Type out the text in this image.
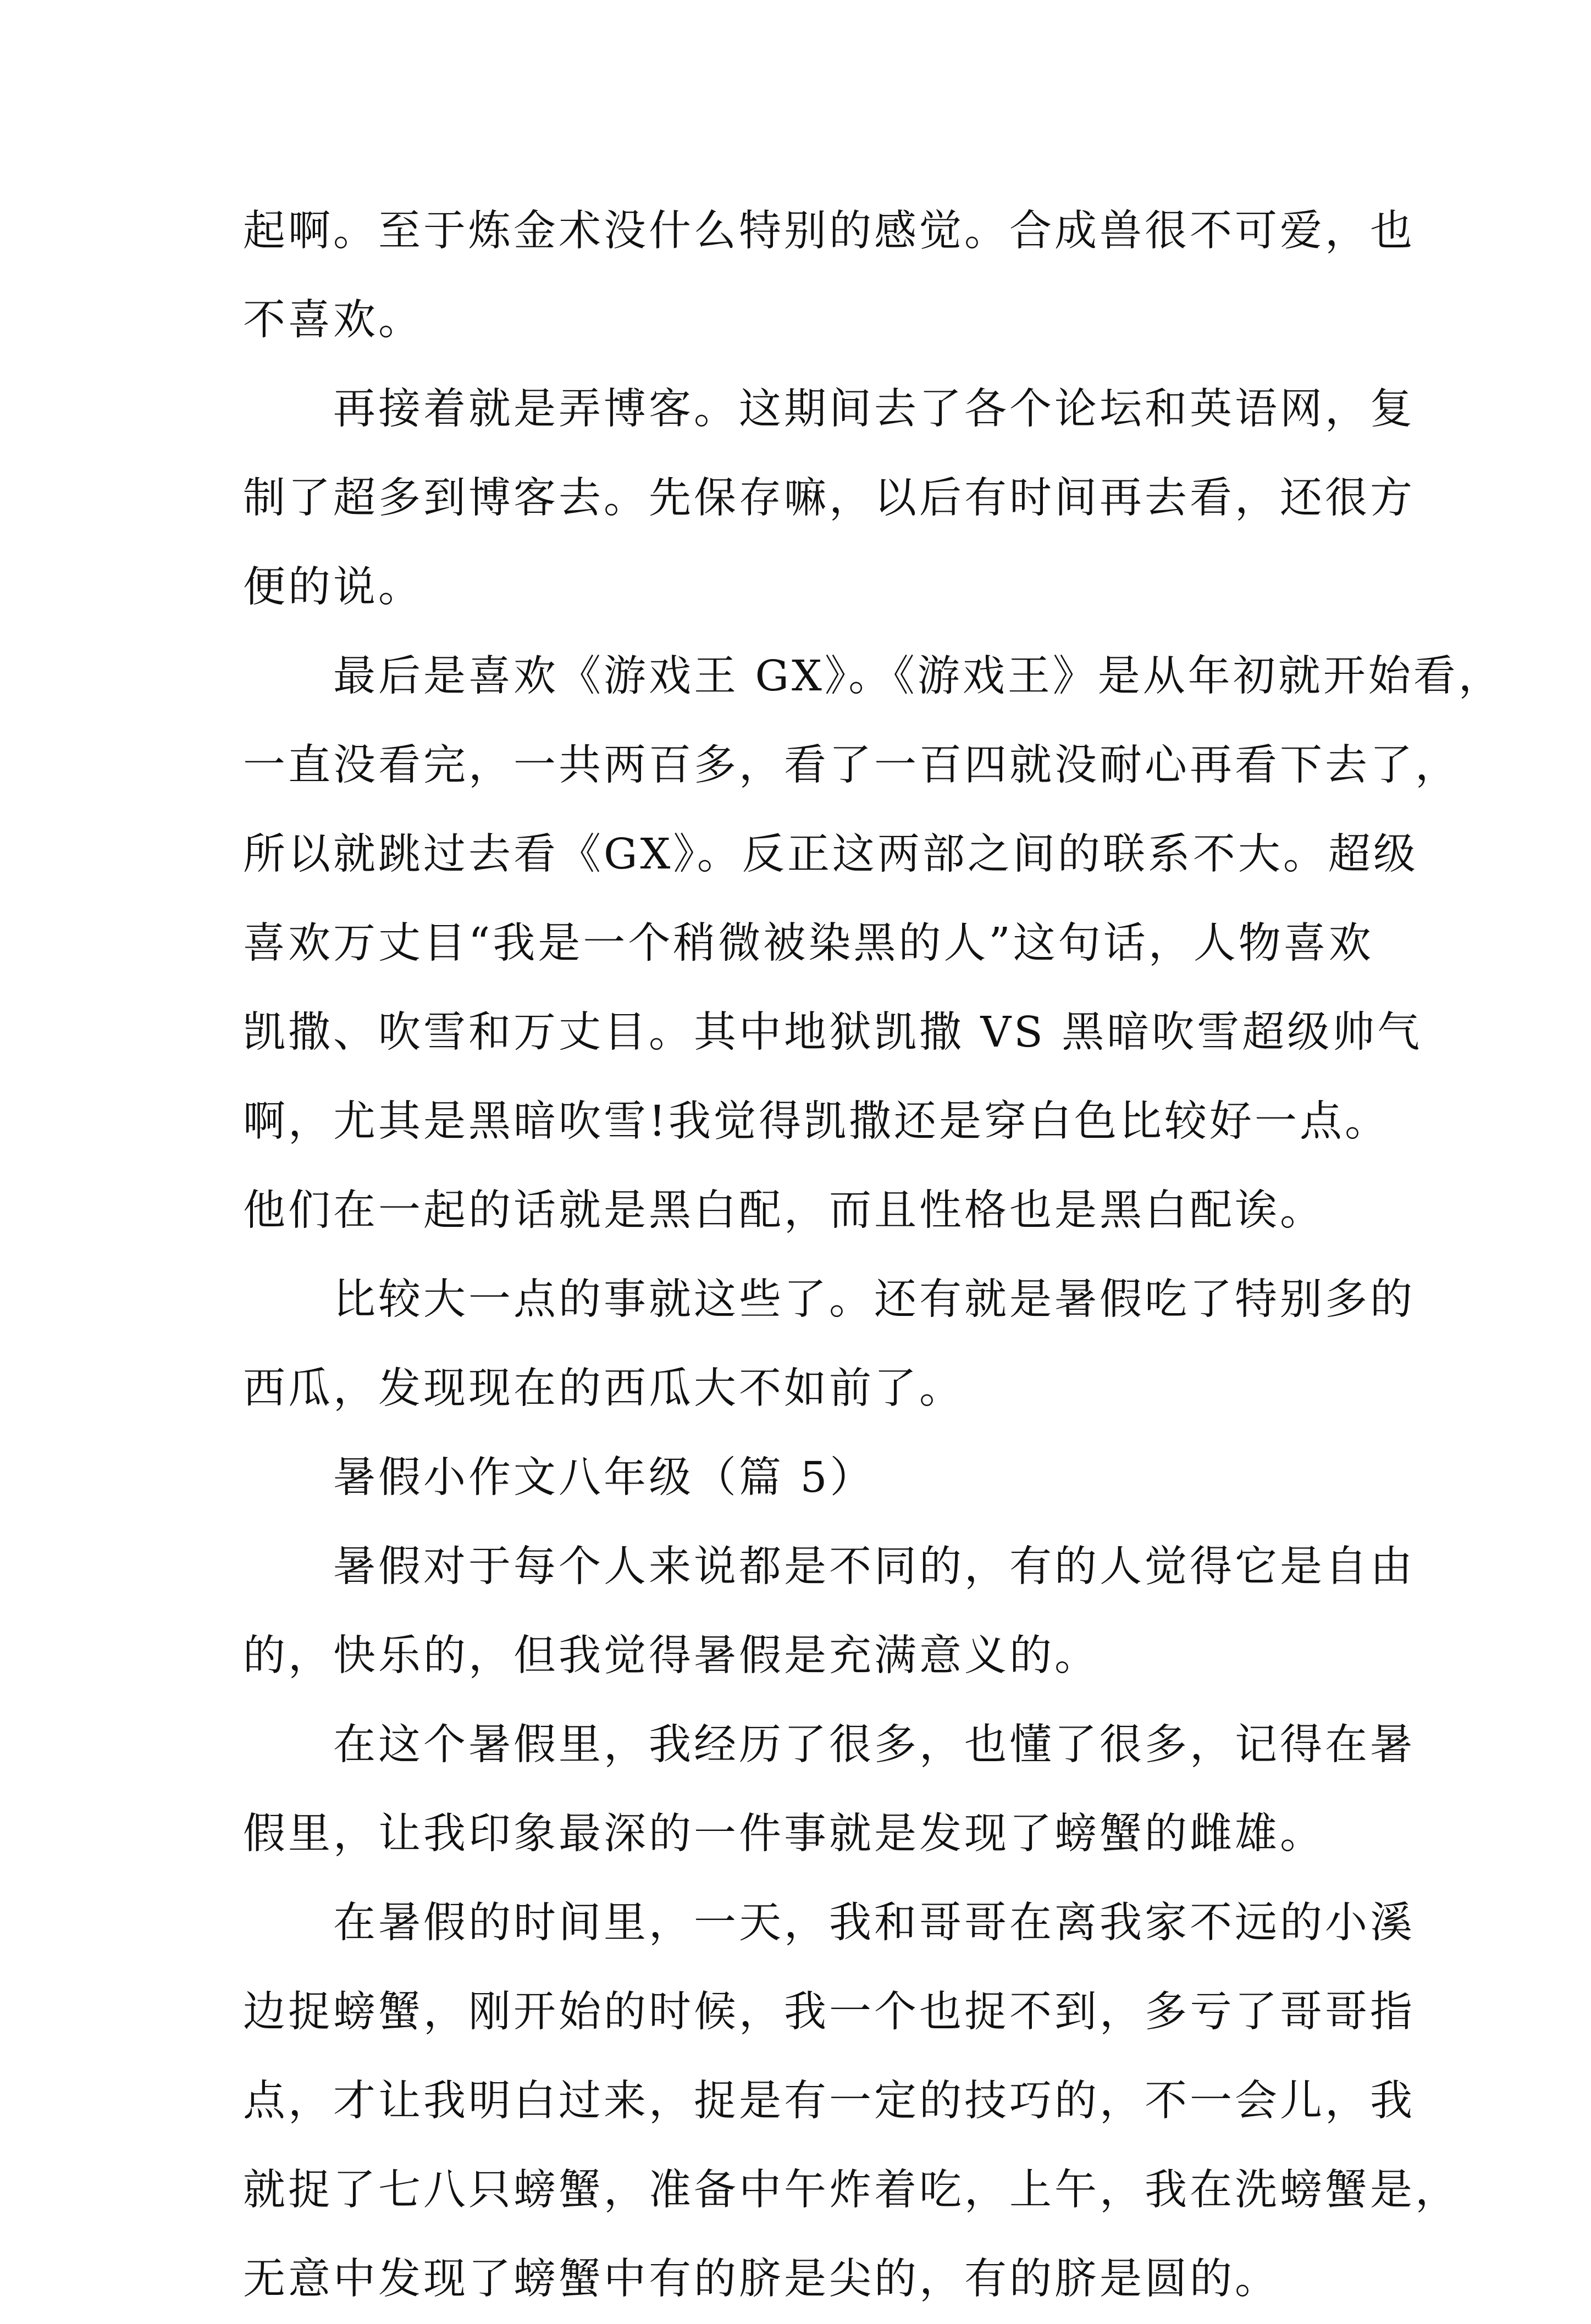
起啊。至于炼金术没什么特别的感觉。合成兽很不可爱，也
不喜欢。
　　再接着就是弄博客。这期间去了各个论坛和英语网，复
制了超多到博客去。先保存嘛，以后有时间再去看，还很方
便的说。
　　最后是喜欢《游戏王 GX》。《游戏王》是从年初就开始看，
一直没看完，一共两百多，看了一百四就没耐心再看下去了，
所以就跳过去看《GX》。反正这两部之间的联系不大。超级
喜欢万丈目“我是一个稍微被染黑的人”这句话，人物喜欢
凯撒、吹雪和万丈目。其中地狱凯撒 VS 黑暗吹雪超级帅气
啊，尤其是黑暗吹雪!我觉得凯撒还是穿白色比较好一点。
他们在一起的话就是黑白配，而且性格也是黑白配诶。
　　比较大一点的事就这些了。还有就是暑假吃了特别多的
西瓜，发现现在的西瓜大不如前了。
　　暑假小作文八年级（篇 5）
　　暑假对于每个人来说都是不同的，有的人觉得它是自由
的，快乐的，但我觉得暑假是充满意义的。
　　在这个暑假里，我经历了很多，也懂了很多，记得在暑
假里，让我印象最深的一件事就是发现了螃蟹的雌雄。
　　在暑假的时间里，一天，我和哥哥在离我家不远的小溪
边捉螃蟹，刚开始的时候，我一个也捉不到，多亏了哥哥指
点，才让我明白过来，捉是有一定的技巧的，不一会儿，我
就捉了七八只螃蟹，准备中午炸着吃，上午，我在洗螃蟹是，
无意中发现了螃蟹中有的脐是尖的，有的脐是圆的。
